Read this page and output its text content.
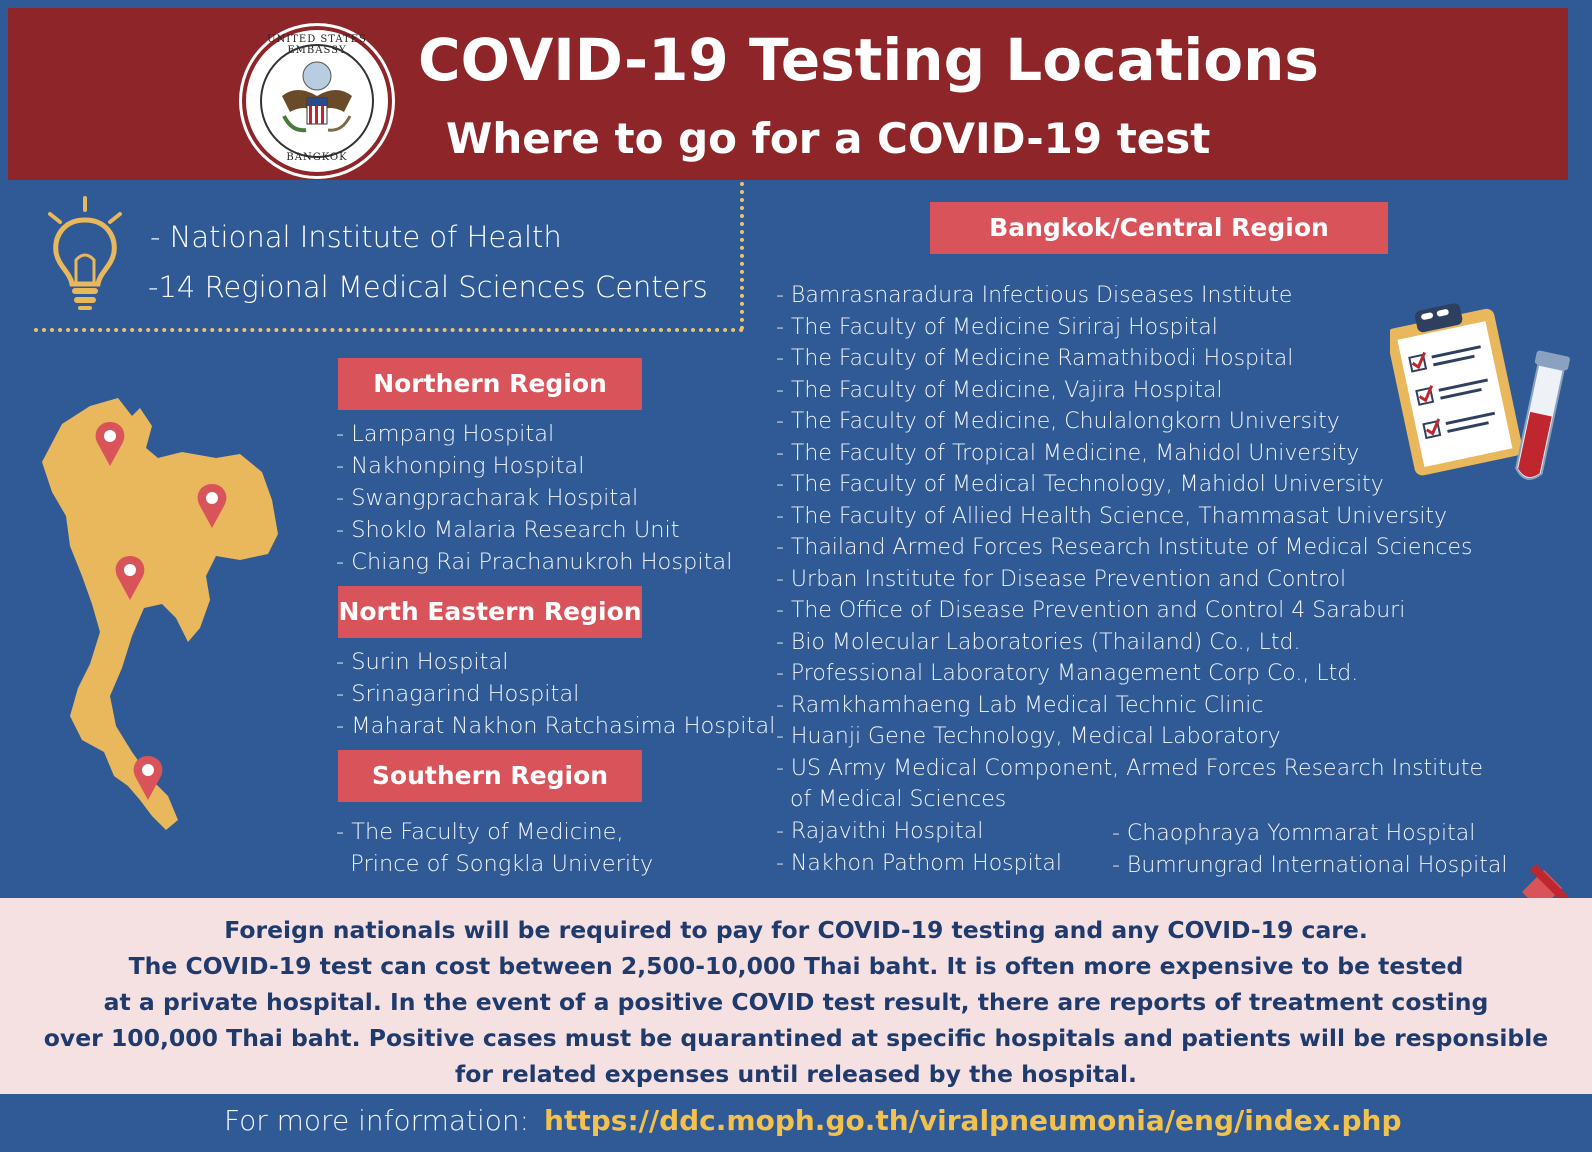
UNITED STATES EMBASSY
BANGKOK
COVID-19 Testing Locations
Where to go for a COVID-19 test
- National Institute of Health
-14 Regional Medical Sciences Centers
Northern Region
- Lampang Hospital
- Nakhonping Hospital
- Swangpracharak Hospital
- Shoklo Malaria Research Unit
- Chiang Rai Prachanukroh Hospital
North Eastern Region
- Surin Hospital
- Srinagarind Hospital
- Maharat Nakhon Ratchasima Hospital
Southern Region
- The Faculty of Medicine,
Prince of Songkla Univerity
Bangkok/Central Region
- Bamrasnaradura Infectious Diseases Institute
- The Faculty of Medicine Siriraj Hospital
- The Faculty of Medicine Ramathibodi Hospital
- The Faculty of Medicine, Vajira Hospital
- The Faculty of Medicine, Chulalongkorn University
- The Faculty of Tropical Medicine, Mahidol University
- The Faculty of Medical Technology, Mahidol University
- The Faculty of Allied Health Science, Thammasat University
- Thailand Armed Forces Research Institute of Medical Sciences
- Urban Institute for Disease Prevention and Control
- The Office of Disease Prevention and Control 4 Saraburi
- Bio Molecular Laboratories (Thailand) Co., Ltd.
- Professional Laboratory Management Corp Co., Ltd.
- Ramkhamhaeng Lab Medical Technic Clinic
- Huanji Gene Technology, Medical Laboratory
- US Army Medical Component, Armed Forces Research Institute
of Medical Sciences
- Rajavithi Hospital
- Nakhon Pathom Hospital
- Chaophraya Yommarat Hospital
- Bumrungrad International Hospital
Foreign nationals will be required to pay for COVID-19 testing and any COVID-19 care.
The COVID-19 test can cost between 2,500-10,000 Thai baht. It is often more expensive to be tested
at a private hospital. In the event of a positive COVID test result, there are reports of treatment costing
over 100,000 Thai baht. Positive cases must be quarantined at specific hospitals and patients will be responsible
for related expenses until released by the hospital.
For more information: https://ddc.moph.go.th/viralpneumonia/eng/index.php
